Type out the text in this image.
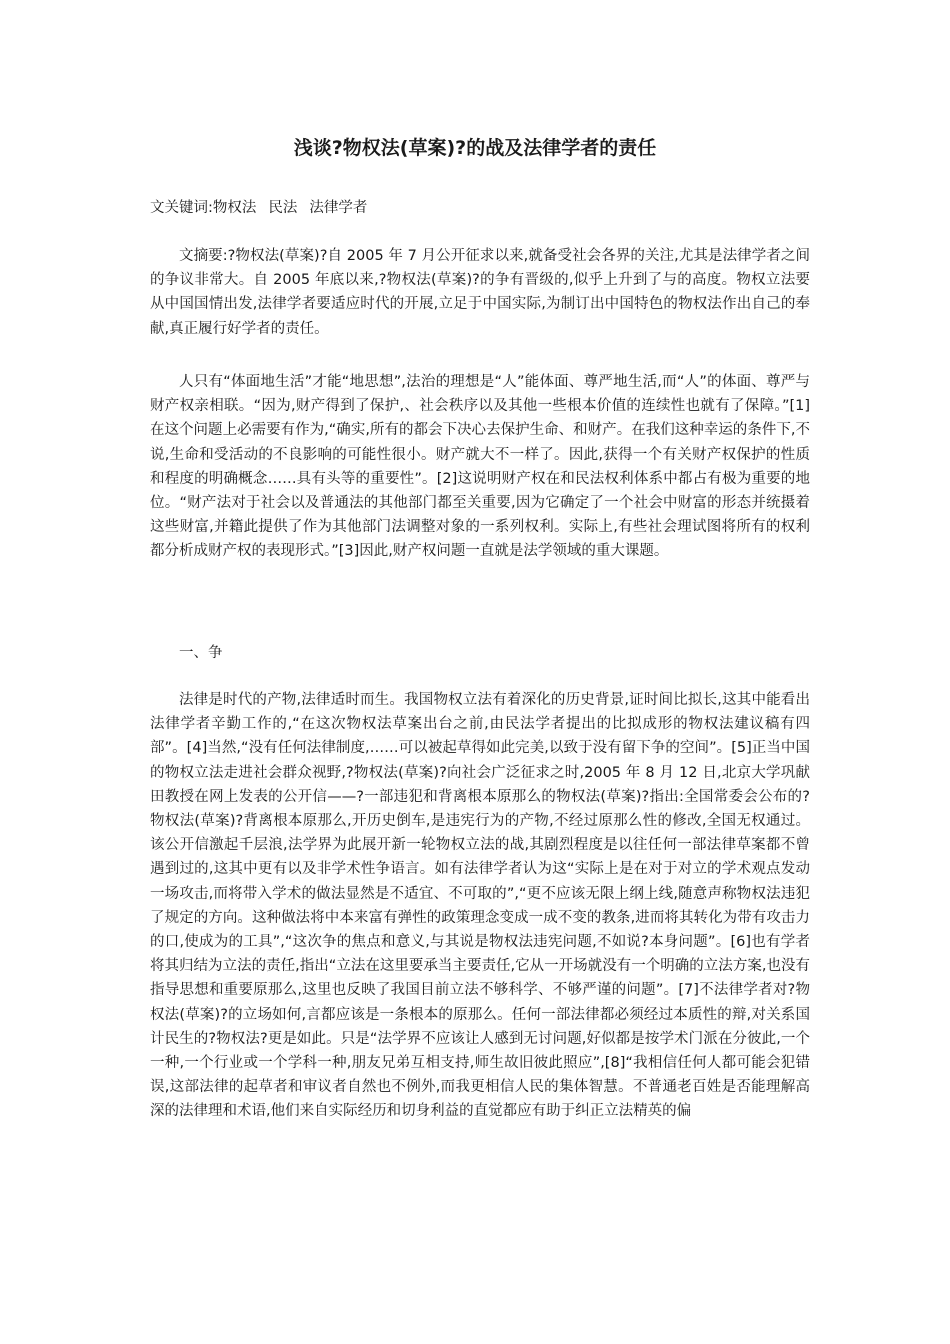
浅谈?物权法(草案)?的战及法律学者的责任

文关键词:物权法 民法 法律学者

文摘要:?物权法(草案)?自 2005 年 7 月公开征求以来,就备受社会各界的关注,尤其是法律学者之间的争议非常大。自 2005 年底以来,?物权法(草案)?的争有晋级的,似乎上升到了与的高度。物权立法要从中国国情出发,法律学者要适应时代的开展,立足于中国实际,为制订出中国特色的物权法作出自己的奉献,真正履行好学者的责任。

人只有“体面地生活”才能“地思想”,法治的理想是“人”能体面、尊严地生活,而“人”的体面、尊严与财产权亲相联。“因为,财产得到了保护,、社会秩序以及其他一些根本价值的连续性也就有了保障。”[1]在这个问题上必需要有作为,“确实,所有的都会下决心去保护生命、和财产。在我们这种幸运的条件下,不说,生命和受活动的不良影响的可能性很小。财产就大不一样了。因此,获得一个有关财产权保护的性质和程度的明确概念……具有头等的重要性”。[2]这说明财产权在和民法权利体系中都占有极为重要的地位。“财产法对于社会以及普通法的其他部门都至关重要,因为它确定了一个社会中财富的形态并统摄着这些财富,并籍此提供了作为其他部门法调整对象的一系列权利。实际上,有些社会理试图将所有的权利都分析成财产权的表现形式。”[3]因此,财产权问题一直就是法学领域的重大课题。

一、争

法律是时代的产物,法律适时而生。我国物权立法有着深化的历史背景,证时间比拟长,这其中能看出法律学者辛勤工作的,“在这次物权法草案出台之前,由民法学者提出的比拟成形的物权法建议稿有四部”。[4]当然,“没有任何法律制度,……可以被起草得如此完美,以致于没有留下争的空间”。[5]正当中国的物权立法走进社会群众视野,?物权法(草案)?向社会广泛征求之时,2005 年 8 月 12 日,北京大学巩献田教授在网上发表的公开信——?一部违犯和背离根本原那么的物权法(草案)?指出:全国常委会公布的?物权法(草案)?背离根本原那么,开历史倒车,是违宪行为的产物,不经过原那么性的修改,全国无权通过。该公开信激起千层浪,法学界为此展开新一轮物权立法的战,其剧烈程度是以往任何一部法律草案都不曾遇到过的,这其中更有以及非学术性争语言。如有法律学者认为这“实际上是在对于对立的学术观点发动一场攻击,而将带入学术的做法显然是不适宜、不可取的”,“更不应该无限上纲上线,随意声称物权法违犯了规定的方向。这种做法将中本来富有弹性的政策理念变成一成不变的教条,进而将其转化为带有攻击力的口,使成为的工具”,“这次争的焦点和意义,与其说是物权法违宪问题,不如说?本身问题”。[6]也有学者将其归结为立法的责任,指出“立法在这里要承当主要责任,它从一开场就没有一个明确的立法方案,也没有指导思想和重要原那么,这里也反映了我国目前立法不够科学、不够严谨的问题”。[7]不法律学者对?物权法(草案)?的立场如何,言都应该是一条根本的原那么。任何一部法律都必须经过本质性的辩,对关系国计民生的?物权法?更是如此。只是“法学界不应该让人感到无讨问题,好似都是按学术门派在分彼此,一个一种,一个行业或一个学科一种,朋友兄弟互相支持,师生故旧彼此照应”,[8]“我相信任何人都可能会犯错误,这部法律的起草者和审议者自然也不例外,而我更相信人民的集体智慧。不普通老百姓是否能理解高深的法律理和术语,他们来自实际经历和切身利益的直觉都应有助于纠正立法精英的偏
